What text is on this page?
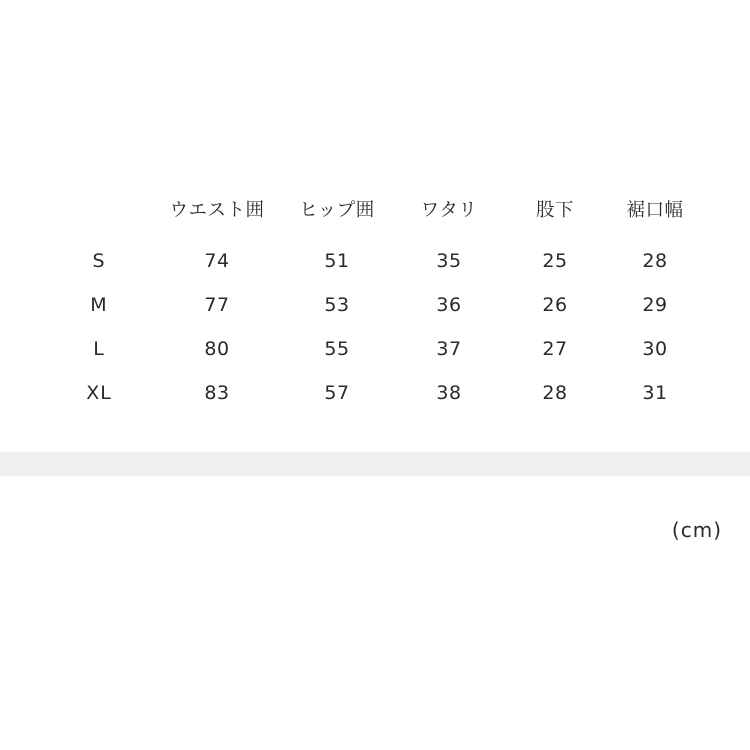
	ウエスト囲	ヒップ囲	ワタリ	股下	裾口幅
S	74	51	35	25	28
M	77	53	36	26	29
L	80	55	37	27	30
XL	83	57	38	28	31
(cm)
